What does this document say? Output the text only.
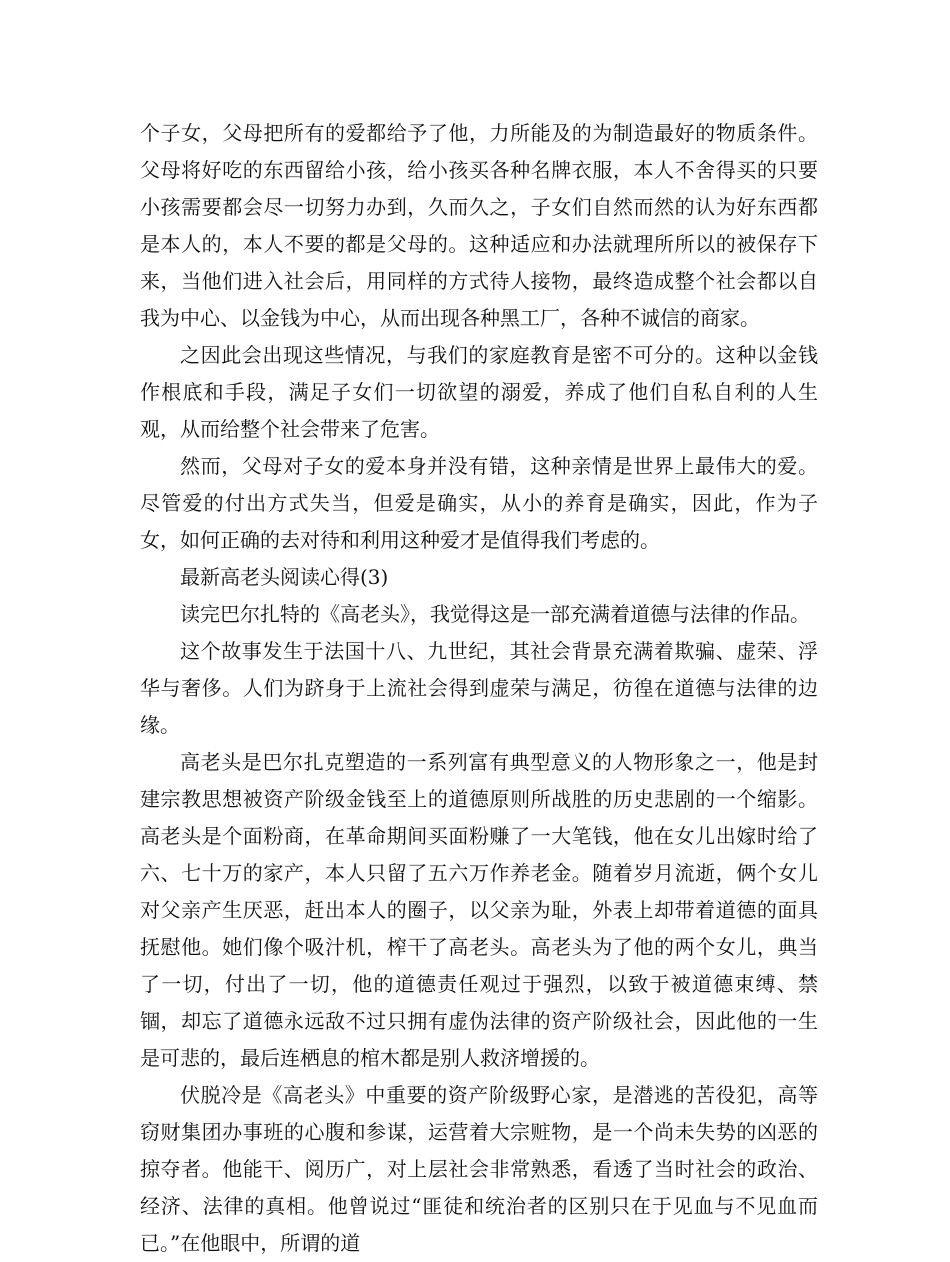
个子女，父母把所有的爱都给予了他，力所能及的为制造最好的物质条件。父母将好吃的东西留给小孩，给小孩买各种名牌衣服，本人不舍得买的只要小孩需要都会尽一切努力办到，久而久之，子女们自然而然的认为好东西都是本人的，本人不要的都是父母的。这种适应和办法就理所所以的被保存下来，当他们进入社会后，用同样的方式待人接物，最终造成整个社会都以自我为中心、以金钱为中心，从而出现各种黑工厂，各种不诚信的商家。

之因此会出现这些情况，与我们的家庭教育是密不可分的。这种以金钱作根底和手段，满足子女们一切欲望的溺爱，养成了他们自私自利的人生观，从而给整个社会带来了危害。

然而，父母对子女的爱本身并没有错，这种亲情是世界上最伟大的爱。尽管爱的付出方式失当，但爱是确实，从小的养育是确实，因此，作为子女，如何正确的去对待和利用这种爱才是值得我们考虑的。

最新高老头阅读心得(3)

读完巴尔扎特的《高老头》，我觉得这是一部充满着道德与法律的作品。

这个故事发生于法国十八、九世纪，其社会背景充满着欺骗、虚荣、浮华与奢侈。人们为跻身于上流社会得到虚荣与满足，彷徨在道德与法律的边缘。

高老头是巴尔扎克塑造的一系列富有典型意义的人物形象之一，他是封建宗教思想被资产阶级金钱至上的道德原则所战胜的历史悲剧的一个缩影。高老头是个面粉商，在革命期间买面粉赚了一大笔钱，他在女儿出嫁时给了六、七十万的家产，本人只留了五六万作养老金。随着岁月流逝，俩个女儿对父亲产生厌恶，赶出本人的圈子，以父亲为耻，外表上却带着道德的面具抚慰他。她们像个吸汁机，榨干了高老头。高老头为了他的两个女儿，典当了一切，付出了一切，他的道德责任观过于强烈，以致于被道德束缚、禁锢，却忘了道德永远敌不过只拥有虚伪法律的资产阶级社会，因此他的一生是可悲的，最后连栖息的棺木都是别人救济增援的。

伏脱冷是《高老头》中重要的资产阶级野心家，是潜逃的苦役犯，高等窃财集团办事班的心腹和参谋，运营着大宗赃物，是一个尚未失势的凶恶的掠夺者。他能干、阅历广，对上层社会非常熟悉，看透了当时社会的政治、经济、法律的真相。他曾说过“匪徒和统治者的区别只在于见血与不见血而已。”在他眼中，所谓的道
